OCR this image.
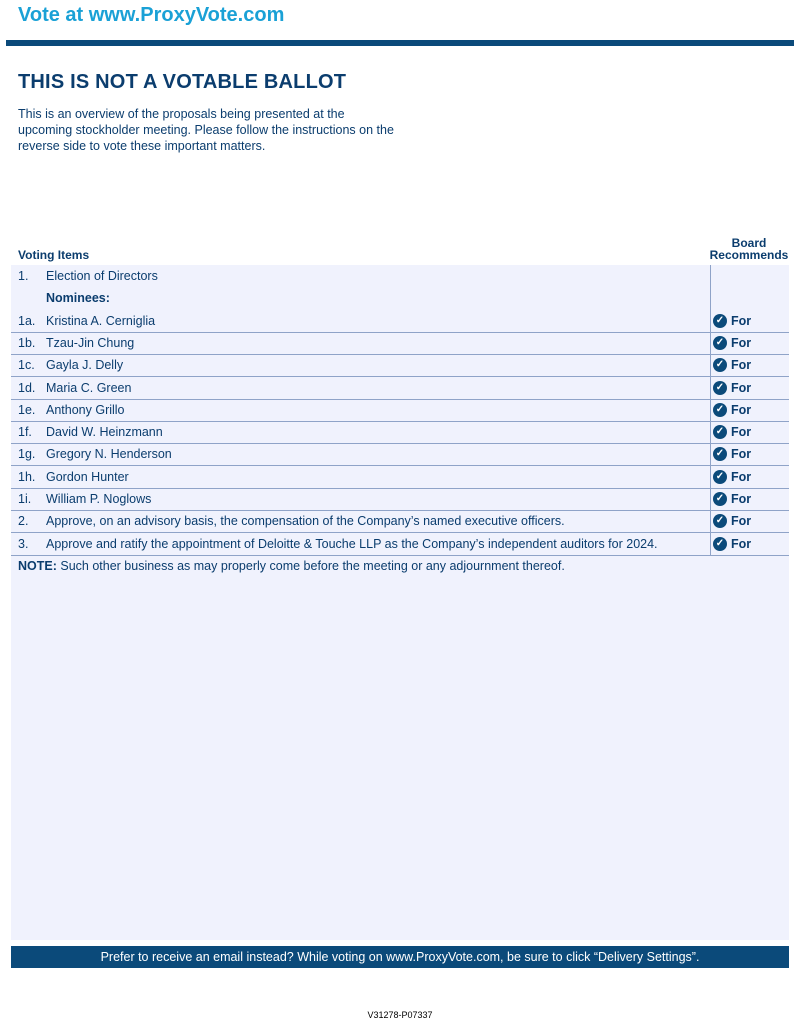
Vote at www.ProxyVote.com
THIS IS NOT A VOTABLE BALLOT
This is an overview of the proposals being presented at the upcoming stockholder meeting. Please follow the instructions on the reverse side to vote these important matters.
Voting Items
Board
Recommends
1. Election of Directors
Nominees:
1a. Kristina A. Cerniglia	✓ For
1b. Tzau-Jin Chung	✓ For
1c. Gayla J. Delly	✓ For
1d. Maria C. Green	✓ For
1e. Anthony Grillo	✓ For
1f. David W. Heinzmann	✓ For
1g. Gregory N. Henderson	✓ For
1h. Gordon Hunter	✓ For
1i. William P. Noglows	✓ For
2. Approve, on an advisory basis, the compensation of the Company’s named executive officers.	✓ For
3. Approve and ratify the appointment of Deloitte & Touche LLP as the Company’s independent auditors for 2024.	✓ For
NOTE: Such other business as may properly come before the meeting or any adjournment thereof.
Prefer to receive an email instead? While voting on www.ProxyVote.com, be sure to click “Delivery Settings”.
V31278-P07337
